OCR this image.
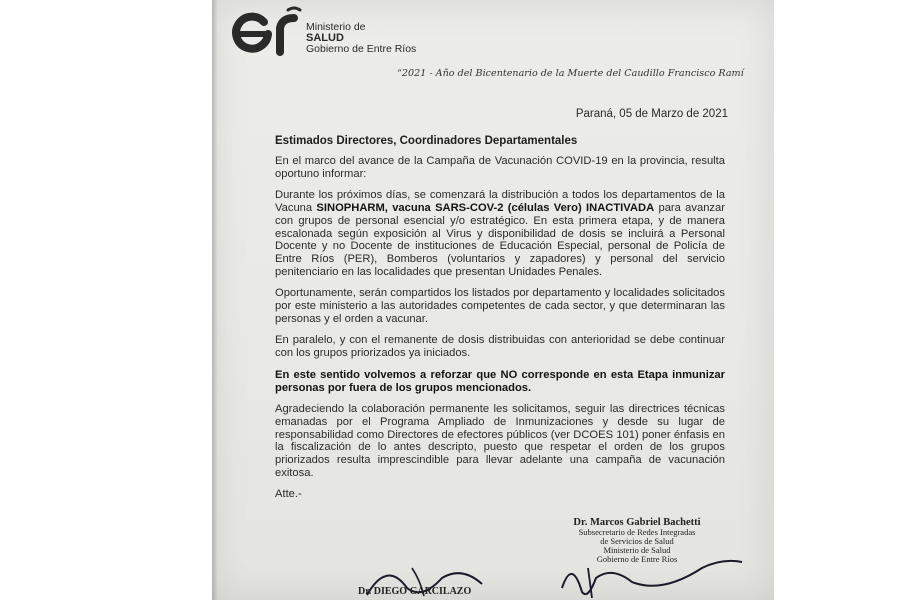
Ministerio de
SALUD
Gobierno de Entre Ríos
“2021 - Año del Bicentenario de la Muerte del Caudillo Francisco Ramí
Paraná, 05 de Marzo de 2021
Estimados Directores, Coordinadores Departamentales

En el marco del avance de la Campaña de Vacunación COVID-19 en la provincia, resulta oportuno informar:

Durante los próximos días, se comenzará la distribución a todos los departamentos de la Vacuna SINOPHARM, vacuna SARS-COV-2 (células Vero) INACTIVADA para avanzar con grupos de personal esencial y/o estratégico. En esta primera etapa, y de manera escalonada según exposición al Virus y disponibilidad de dosis se incluirá a Personal Docente y no Docente de instituciones de Educación Especial, personal de Policía de Entre Ríos (PER), Bomberos (voluntarios y zapadores) y personal del servicio penitenciario en las localidades que presentan Unidades Penales.

Oportunamente, serán compartidos los listados por departamento y localidades solicitados por este ministerio a las autoridades competentes de cada sector, y que determinaran las personas y el orden a vacunar.

En paralelo, y con el remanente de dosis distribuidas con anterioridad se debe continuar con los grupos priorizados ya iniciados.

En este sentido volvemos a reforzar que NO corresponde en esta Etapa inmunizar personas por fuera de los grupos mencionados.

Agradeciendo la colaboración permanente les solicitamos, seguir las directrices técnicas emanadas por el Programa Ampliado de Inmunizaciones y desde su lugar de responsabilidad como Directores de efectores públicos (ver DCOES 101) poner énfasis en la fiscalización de lo antes descripto, puesto que respetar el orden de los grupos priorizados resulta imprescindible para llevar adelante una campaña de vacunación exitosa.

Atte.-

Dr. Marcos Gabriel Bachetti
Subsecretario de Redes Integradas
de Servicios de Salud
Ministerio de Salud
Gobierno de Entre Ríos
Dr. DIEGO GARCILAZO
